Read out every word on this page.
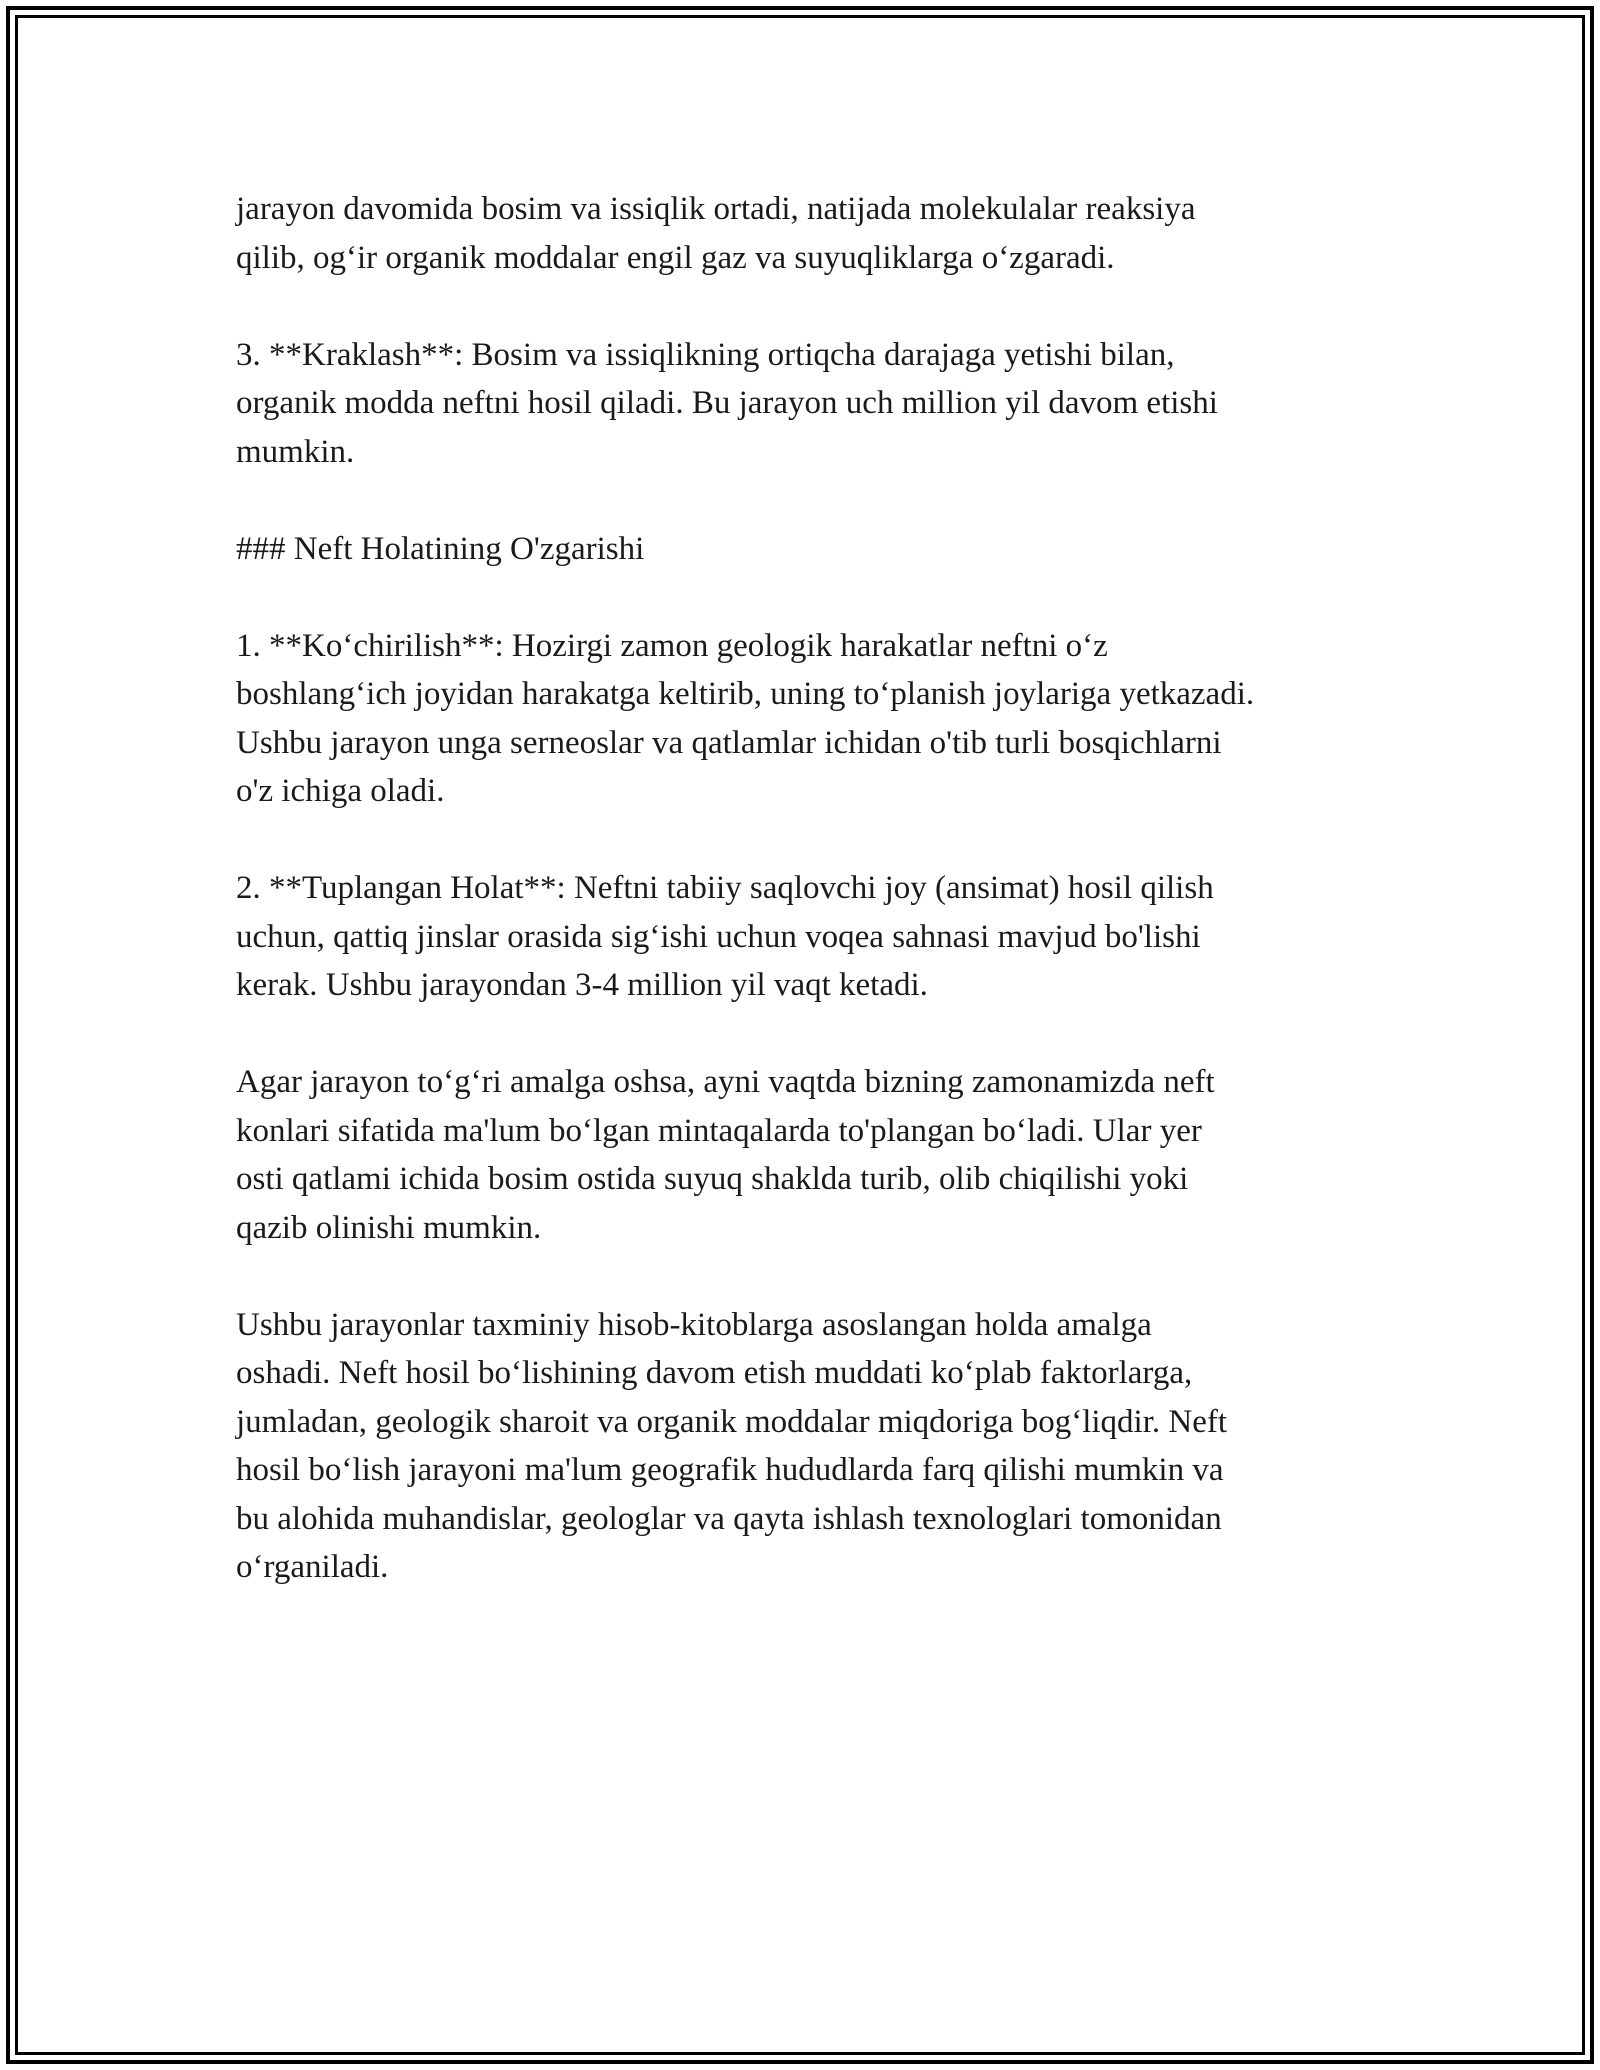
jarayon davomida bosim va issiqlik ortadi, natijada molekulalar reaksiya
qilib, og‘ir organik moddalar engil gaz va suyuqliklarga o‘zgaradi.

3. **Kraklash**: Bosim va issiqlikning ortiqcha darajaga yetishi bilan,
organik modda neftni hosil qiladi. Bu jarayon uch million yil davom etishi
mumkin.

### Neft Holatining O'zgarishi

1. **Ko‘chirilish**: Hozirgi zamon geologik harakatlar neftni o‘z
boshlang‘ich joyidan harakatga keltirib, uning to‘planish joylariga yetkazadi.
Ushbu jarayon unga serneoslar va qatlamlar ichidan o'tib turli bosqichlarni
o'z ichiga oladi.

2. **Tuplangan Holat**: Neftni tabiiy saqlovchi joy (ansimat) hosil qilish
uchun, qattiq jinslar orasida sig‘ishi uchun voqea sahnasi mavjud bo'lishi
kerak. Ushbu jarayondan 3-4 million yil vaqt ketadi.

Agar jarayon to‘g‘ri amalga oshsa, ayni vaqtda bizning zamonamizda neft
konlari sifatida ma'lum bo‘lgan mintaqalarda to'plangan bo‘ladi. Ular yer
osti qatlami ichida bosim ostida suyuq shaklda turib, olib chiqilishi yoki
qazib olinishi mumkin.

Ushbu jarayonlar taxminiy hisob-kitoblarga asoslangan holda amalga
oshadi. Neft hosil bo‘lishining davom etish muddati ko‘plab faktorlarga,
jumladan, geologik sharoit va organik moddalar miqdoriga bog‘liqdir. Neft
hosil bo‘lish jarayoni ma'lum geografik hududlarda farq qilishi mumkin va
bu alohida muhandislar, geologlar va qayta ishlash texnologlari tomonidan
o‘rganiladi.
